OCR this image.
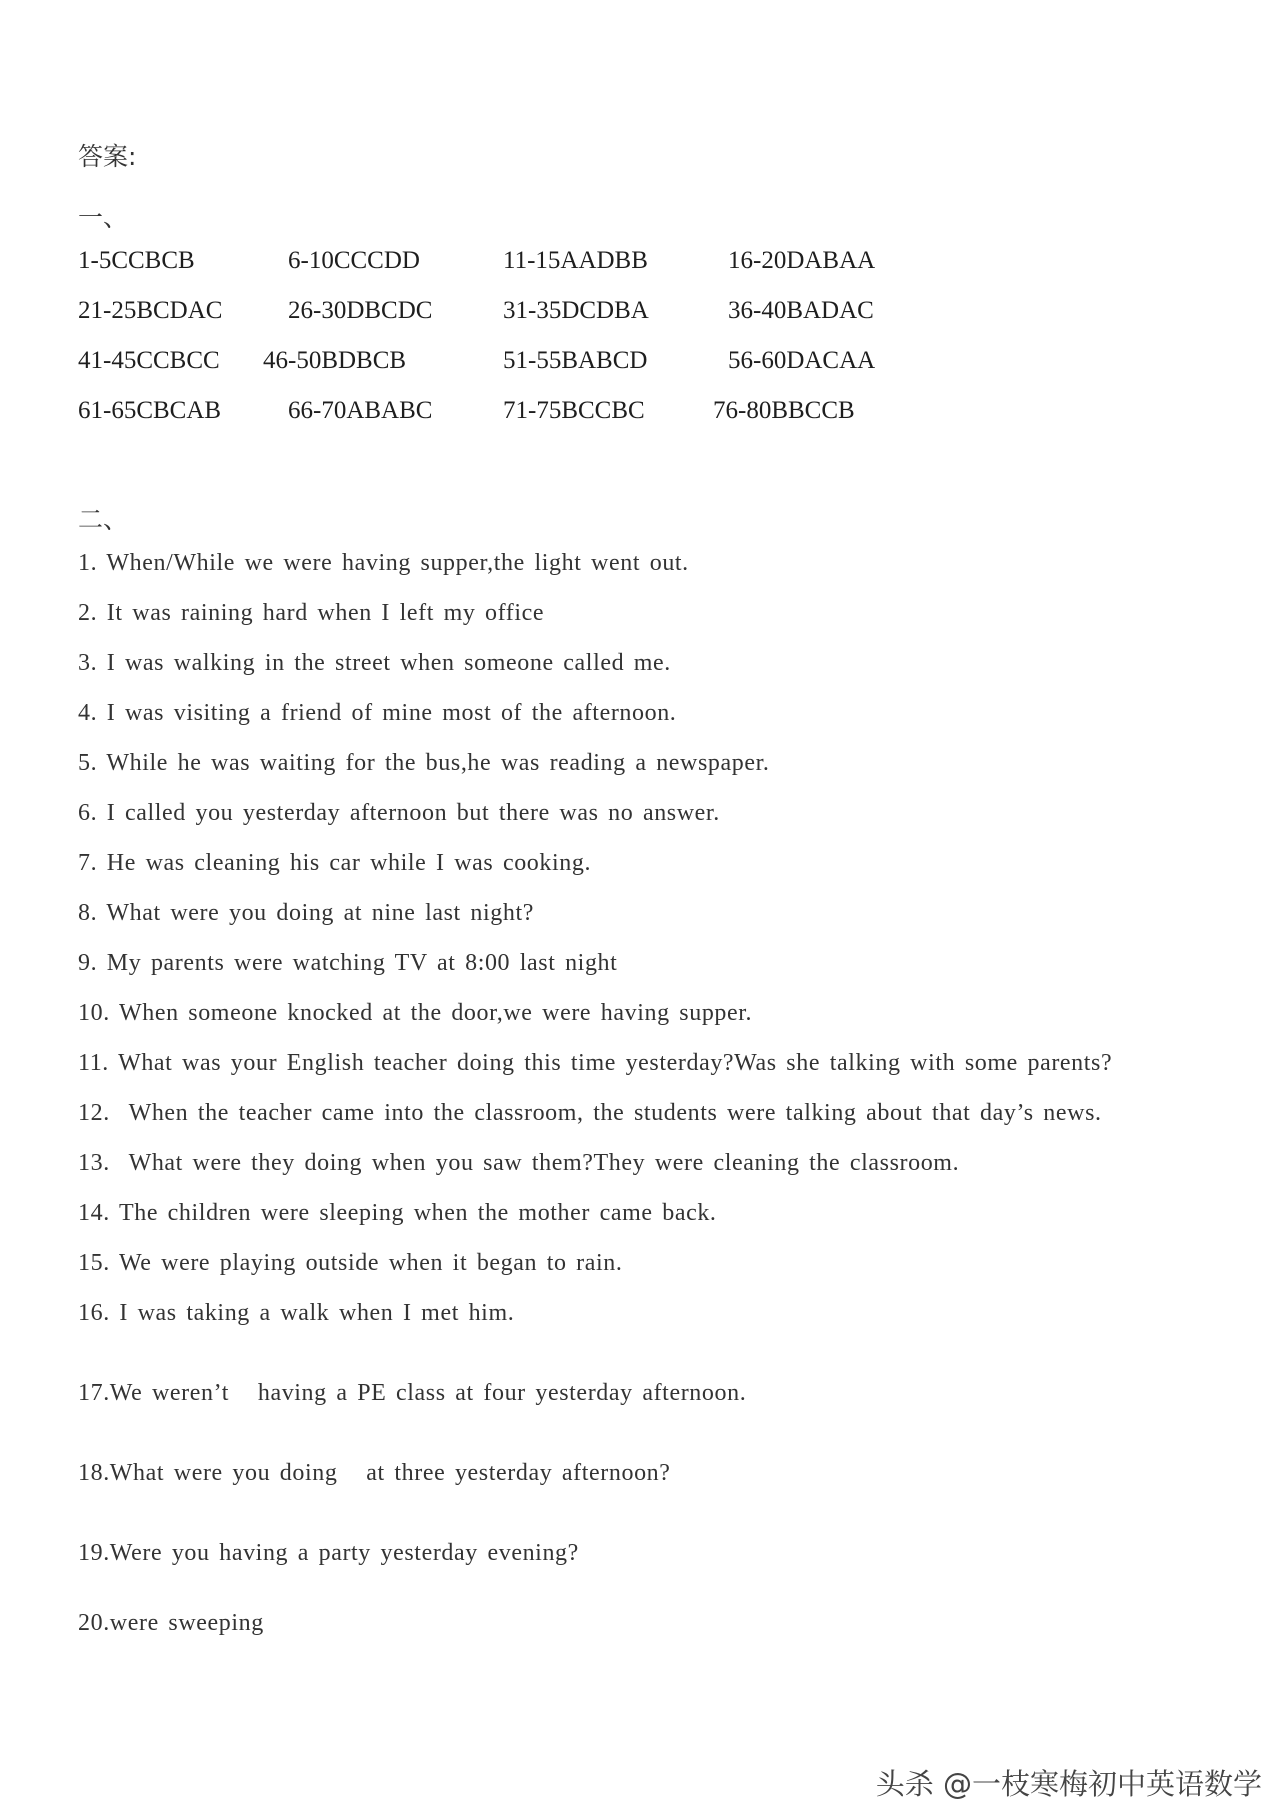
答案:
一、
1-5CCBCB	6-10CCCDD	11-15AADBB	16-20DABAA
21-25BCDAC	26-30DBCDC	31-35DCDBA	36-40BADAC
41-45CCBCC 46-50BDBCB	51-55BABCD	56-60DACAA
61-65CBCAB	66-70ABABC	71-75BCCBC	76-80BBCCB
二、
1. When/While we were having supper,the light went out.
2. It was raining hard when I left my office
3. I was walking in the street when someone called me.
4. I was visiting a friend of mine most of the afternoon.
5. While he was waiting for the bus,he was reading a newspaper.
6. I called you yesterday afternoon but there was no answer.
7. He was cleaning his car while I was cooking.
8. What were you doing at nine last night?
9. My parents were watching TV at 8:00 last night
10. When someone knocked at the door,we were having supper.
11. What was your English teacher doing this time yesterday?Was she talking with some parents?
12.  When the teacher came into the classroom, the students were talking about that day’s news.
13.  What were they doing when you saw them?They were cleaning the classroom.
14. The children were sleeping when the mother came back.
15. We were playing outside when it began to rain.
16. I was taking a walk when I met him.
17.We weren’t   having a PE class at four yesterday afternoon.
18.What were you doing   at three yesterday afternoon?
19.Were you having a party yesterday evening?
20.were sweeping
头杀 @一枝寒梅初中英语数学
